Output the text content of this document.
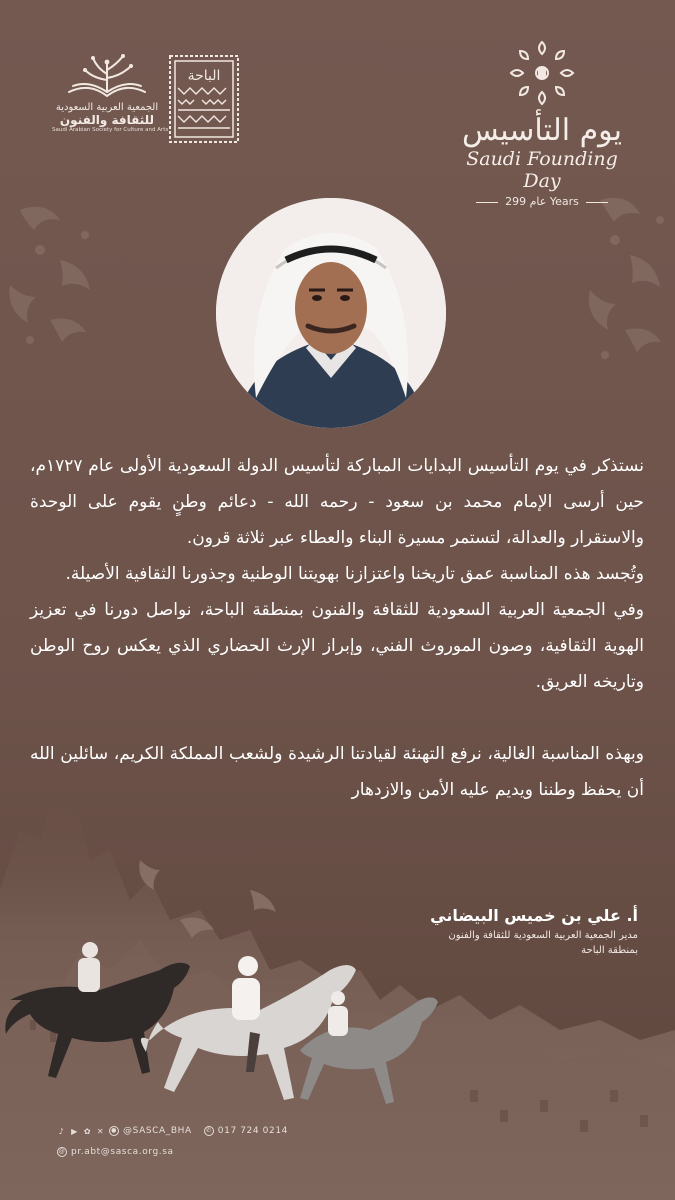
الجمعية العربية السعودية
للثقافة والفنون
Saudi Arabian Society for Culture and Arts
الباحة
يوم التأسيس
Saudi Founding Day
عام 299 Years

نستذكر في يوم التأسيس البدايات المباركة لتأسيس الدولة السعودية الأولى عام ١٧٢٧م، حين أرسى الإمام محمد بن سعود - رحمه الله - دعائم وطنٍ يقوم على الوحدة والاستقرار والعدالة، لتستمر مسيرة البناء والعطاء عبر ثلاثة قرون.

وتُجسد هذه المناسبة عمق تاريخنا واعتزازنا بهويتنا الوطنية وجذورنا الثقافية الأصيلة.

وفي الجمعية العربية السعودية للثقافة والفنون بمنطقة الباحة، نواصل دورنا في تعزيز الهوية الثقافية، وصون الموروث الفني، وإبراز الإرث الحضاري الذي يعكس روح الوطن وتاريخه العريق.

وبهذه المناسبة الغالية، نرفع التهنئة لقيادتنا الرشيدة ولشعب المملكة الكريم، سائلين الله أن يحفظ وطننا ويديم عليه الأمن والازدهار

أ. علي بن خميس البيضاني
مدير الجمعية العربية السعودية للثقافة والفنون
بمنطقة الباحة
♪ ▶ ✿ ✕	● @SASCA_BHA	✆ 017 724 0214
@ pr.abt@sasca.org.sa
